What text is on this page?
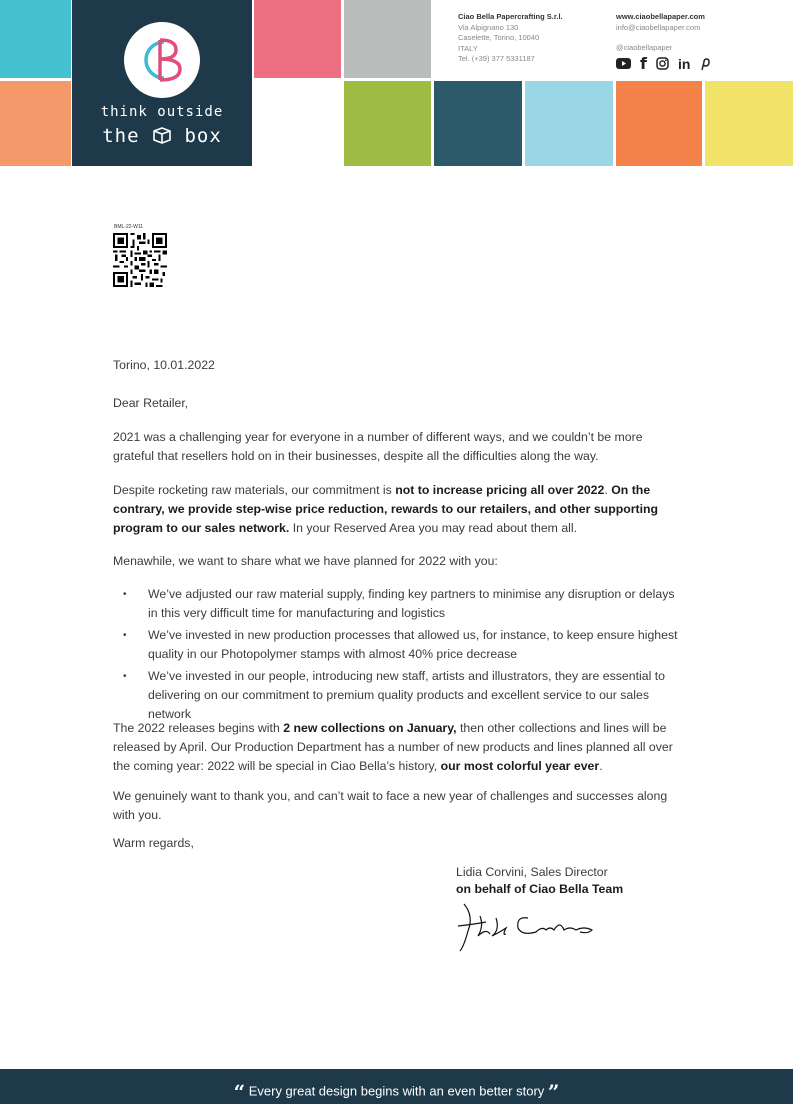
think outside
the box
Ciao Bella Papercrafting S.r.l.
Via Alpignano 130
Caselette, Torino, 10040
ITALY
Tel. (+39) 377 5331187
www.ciaobellapaper.com
info@ciaobellapaper.com
@ciaobellapaper
f in
BML-22-W11
Torino, 10.01.2022
Dear Retailer,
2021 was a challenging year for everyone in a number of different ways, and we couldn’t be more grateful that resellers hold on in their businesses, despite all the difficulties along the way.
Despite rocketing raw materials, our commitment is not to increase pricing all over 2022. On the contrary, we provide step-wise price reduction, rewards to our retailers, and other supporting program to our sales network. In your Reserved Area you may read about them all.
Menawhile, we want to share what we have planned for 2022 with you:
• We’ve adjusted our raw material supply, finding key partners to minimise any disruption or delays in this very difficult time for manufacturing and logistics
• We’ve invested in new production processes that allowed us, for instance, to keep ensure highest quality in our Photopolymer stamps with almost 40% price decrease
• We’ve invested in our people, introducing new staff, artists and illustrators, they are essential to delivering on our commitment to premium quality products and excellent service to our sales network
The 2022 releases begins with 2 new collections on January, then other collections and lines will be released by April. Our Production Department has a number of new products and lines planned all over the coming year: 2022 will be special in Ciao Bella’s history, our most colorful year ever.
We genuinely want to thank you, and can’t wait to face a new year of challenges and successes along with you.
Warm regards,
Lidia Corvini, Sales Director
on behalf of Ciao Bella Team
“ Every great design begins with an even better story ”
